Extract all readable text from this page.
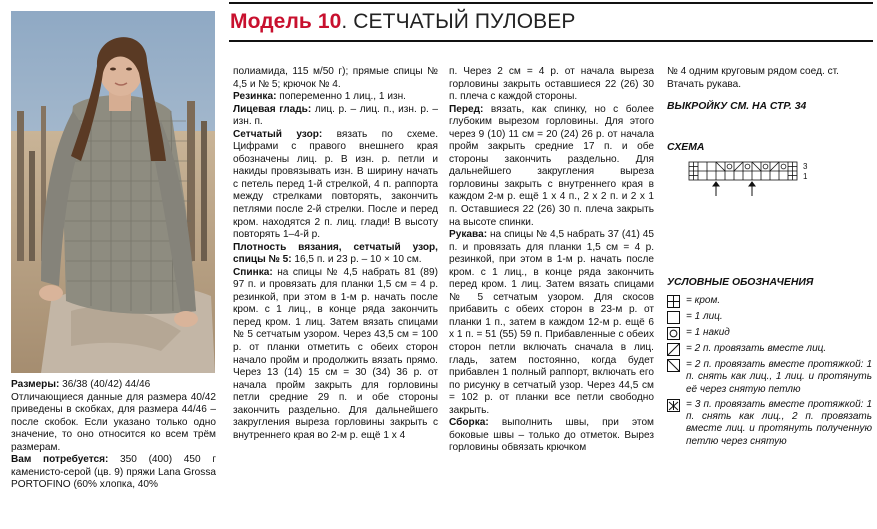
Модель 10. СЕТЧАТЫЙ ПУЛОВЕР

Размеры: 36/38 (40/42) 44/46

Отличающиеся данные для размера 40/42 приведены в скобках, для размера 44/46 – после скобок. Если указано только одно значение, то оно относится ко всем трём размерам.

Вам потребуется: 350 (400) 450 г каменисто-серой (цв. 9) пряжи Lana Grossa PORTOFINO (60% хлопка, 40%

полиамида, 115 м/50 г); прямые спицы № 4,5 и № 5; крючок № 4.

Резинка: попеременно 1 лиц., 1 изн.

Лицевая гладь: лиц. р. – лиц. п., изн. р. – изн. п.

Сетчатый узор: вязать по схеме. Цифрами с правого внешнего края обозначены лиц. р. В изн. р. петли и накиды провязывать изн. В ширину начать с петель перед 1-й стрелкой, 4 п. раппорта между стрелками повторять, закончить петлями после 2-й стрелки. После и перед кром. находятся 2 п. лиц. глади! В высоту повторять 1–4-й р.

Плотность вязания, сетчатый узор, спицы № 5: 16,5 п. и 23 р. – 10 × 10 см.

Спинка: на спицы № 4,5 набрать 81 (89) 97 п. и провязать для планки 1,5 см = 4 р. резинкой, при этом в 1-м р. начать после кром. с 1 лиц., в конце ряда закончить перед кром. 1 лиц. Затем вязать спицами № 5 сетчатым узором. Через 43,5 см = 100 р. от планки отметить с обеих сторон начало пройм и продолжить вязать прямо. Через 13 (14) 15 см = 30 (34) 36 р. от начала пройм закрыть для горловины петли средние 29 п. и обе стороны закончить раздельно. Для дальнейшего закругления выреза горловины закрыть с внутреннего края во 2-м р. ещё 1 х 4

п. Через 2 см = 4 р. от начала выреза горловины закрыть оставшиеся 22 (26) 30 п. плеча с каждой стороны.

Перед: вязать, как спинку, но с более глубоким вырезом горловины. Для этого через 9 (10) 11 см = 20 (24) 26 р. от начала пройм закрыть средние 17 п. и обе стороны закончить раздельно. Для дальнейшего закругления выреза горловины закрыть с внутреннего края в каждом 2-м р. ещё 1 х 4 п., 2 х 2 п. и 2 х 1 п. Оставшиеся 22 (26) 30 п. плеча закрыть на высоте спинки.

Рукава: на спицы № 4,5 набрать 37 (41) 45 п. и провязать для планки 1,5 см = 4 р. резинкой, при этом в 1-м р. начать после кром. с 1 лиц., в конце ряда закончить перед кром. 1 лиц. Затем вязать спицами № 5 сетчатым узором. Для скосов прибавить с обеих сторон в 23-м р. от планки 1 п., затем в каждом 12-м р. ещё 6 х 1 п. = 51 (55) 59 п. Прибавленные с обеих сторон петли включать сначала в лиц. гладь, затем постоянно, когда будет прибавлен 1 полный раппорт, включать его по рисунку в сетчатый узор. Через 44,5 см = 102 р. от планки все петли свободно закрыть.

Сборка: выполнить швы, при этом боковые швы – только до отметок. Вырез горловины обвязать крючком

№ 4 одним круговым рядом соед. ст. Втачать рукава.

ВЫКРОЙКУ СМ. НА СТР. 34

СХЕМА

3
1

УСЛОВНЫЕ ОБОЗНАЧЕНИЯ

= кром.
= 1 лиц.
= 1 накид
= 2 п. провязать вместе лиц.
= 2 п. провязать вместе протяжкой: 1 п. снять как лиц., 1 лиц. и протянуть её через снятую петлю
= 3 п. провязать вместе протяжкой: 1 п. снять как лиц., 2 п. провязать вместе лиц. и протянуть полученную петлю через снятую
